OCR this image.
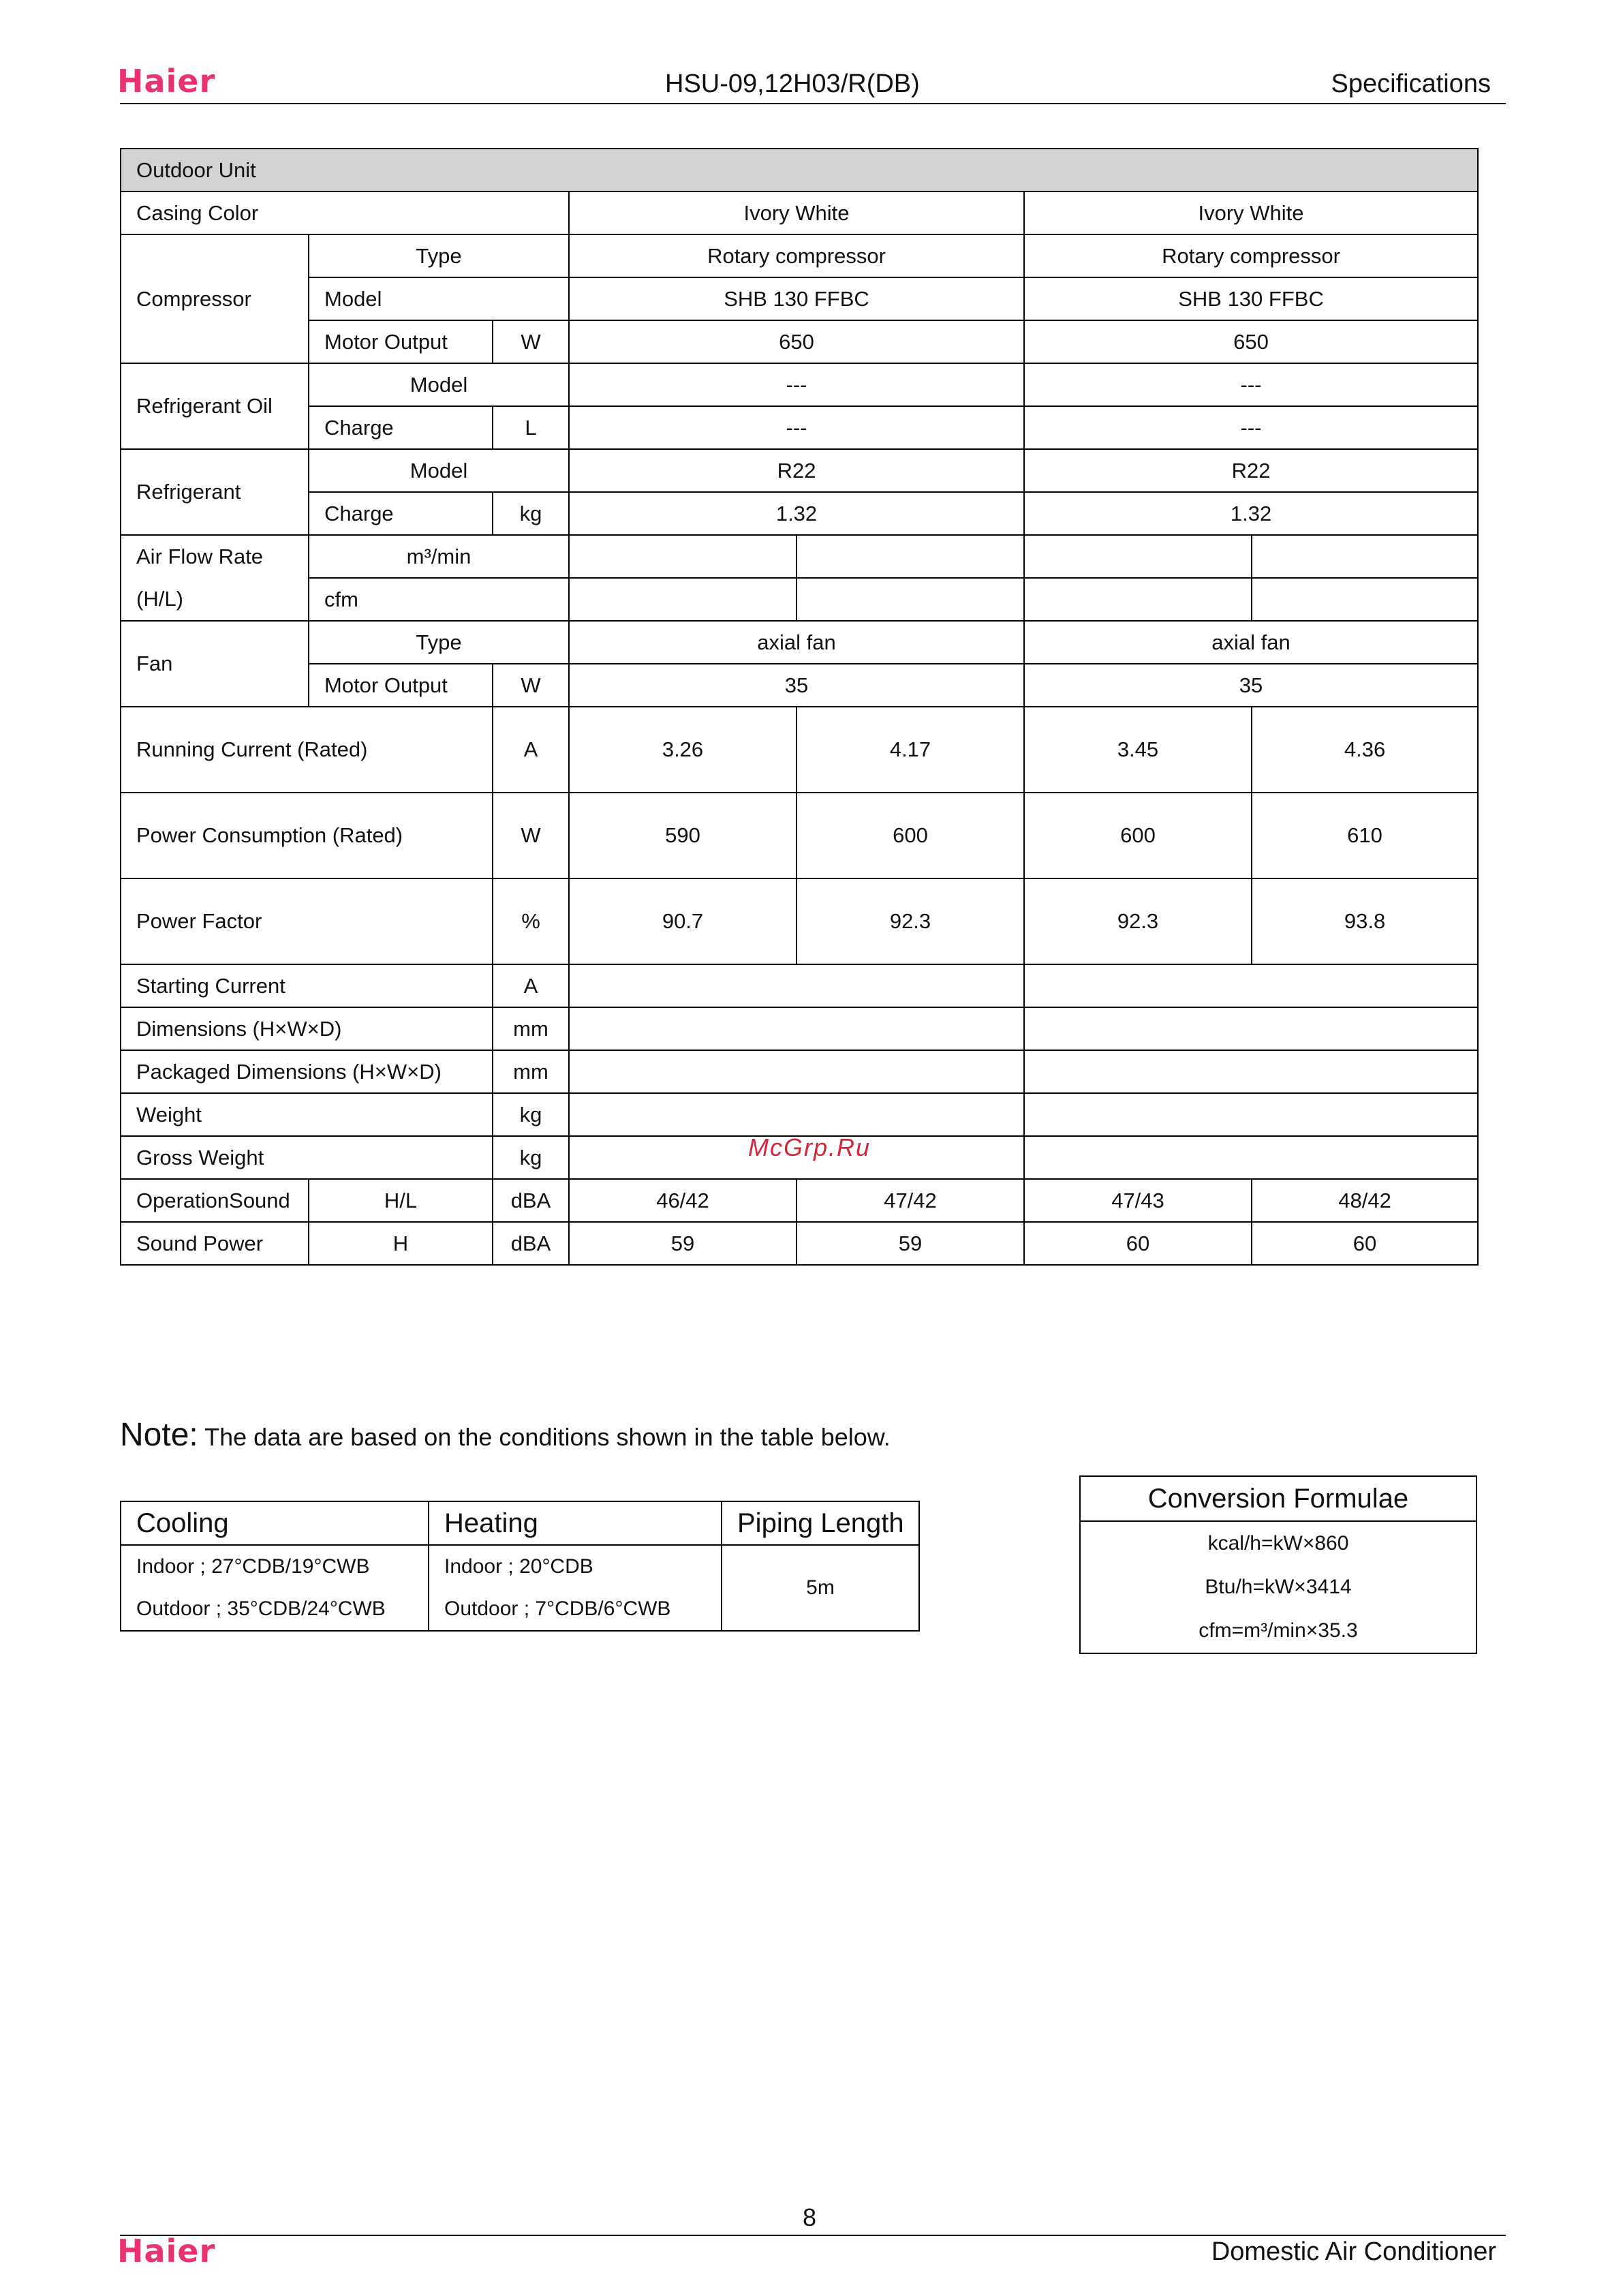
Haier	HSU-09,12H03/R(DB)	Specifications
Outdoor Unit						
Casing Color			Ivory White		Ivory White	
Compressor	Type		Rotary compressor		Rotary compressor	
	Model		SHB 130 FFBC		SHB 130 FFBC	
	Motor Output	W	650		650	
Refrigerant Oil	Model		---		---	
	Charge	L	---		---	
Refrigerant	Model		R22		R22	
	Charge	kg	1.32		1.32	
Air Flow Rate	m³/min					
(H/L)	cfm					
Fan	Type		axial fan		axial fan	
	Motor Output	W	35		35	
Running Current (Rated)		A	3.26	4.17	3.45	4.36
Power Consumption (Rated)		W	590	600	600	610
Power Factor		%	90.7	92.3	92.3	93.8
Starting Current		A				
Dimensions (H×W×D)		mm				
Packaged Dimensions (H×W×D)		mm				
Weight		kg				
Gross Weight		kg				
OperationSound	H/L	dBA	46/42	47/42	47/43	48/42
Sound Power	H	dBA	59	59	60	60
McGrp.Ru
Note: The data are based on the conditions shown in the table below.
Cooling	Heating	Piping Length
Indoor ; 27°CDB/19°CWB	Indoor ; 20°CDB	5m
Outdoor ; 35°CDB/24°CWB	Outdoor ; 7°CDB/6°CWB	
Conversion Formulae
kcal/h=kW×860
Btu/h=kW×3414
cfm=m³/min×35.3
8
Haier	Domestic Air Conditioner
